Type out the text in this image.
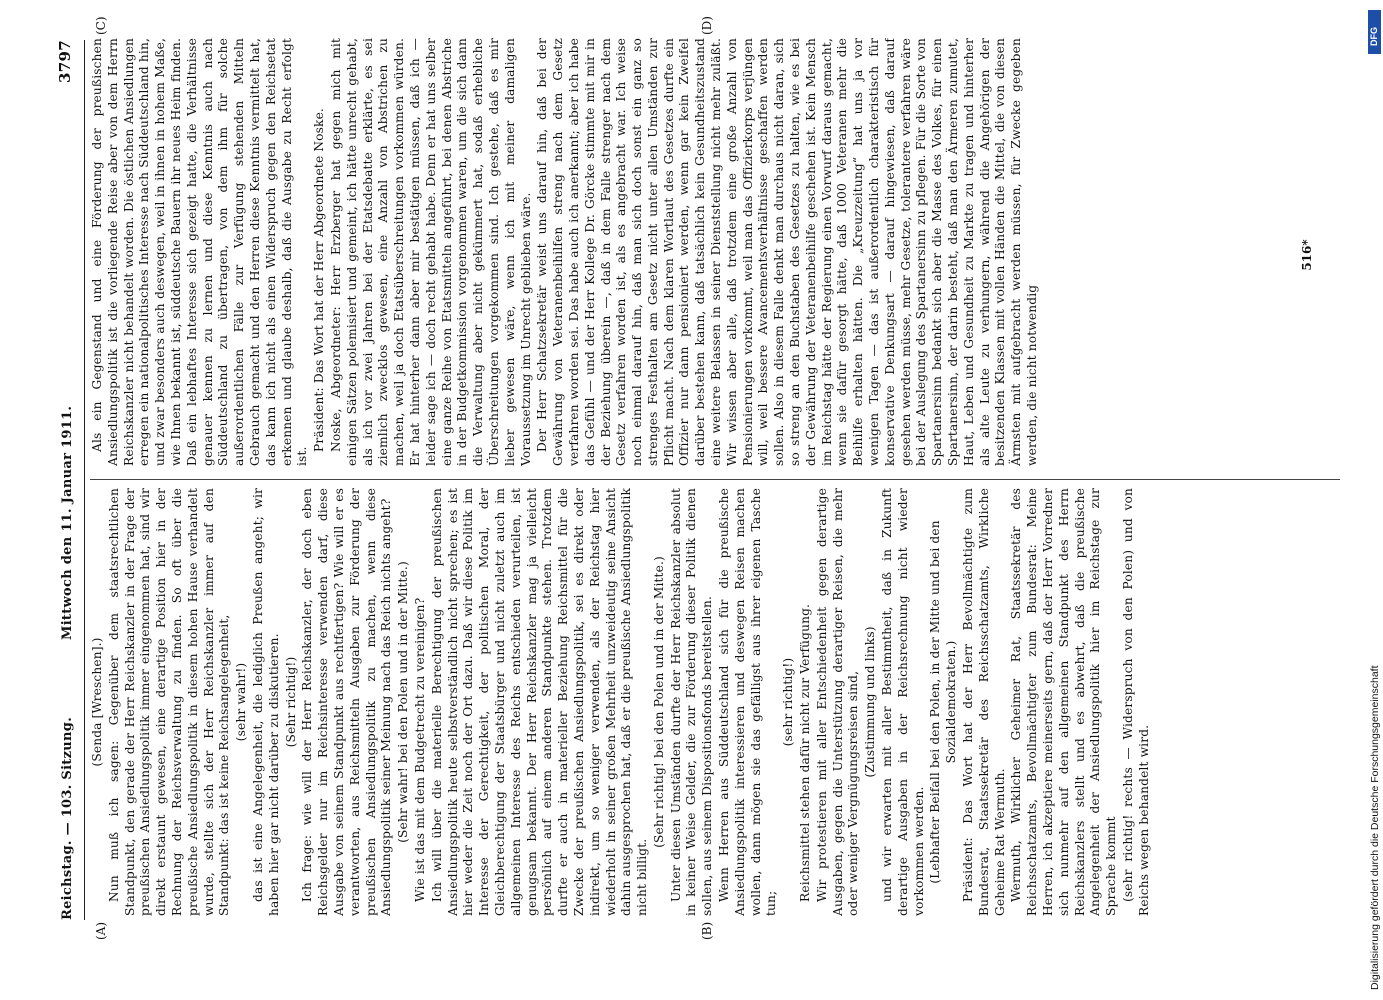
Reichstag. — 103. Sitzung.
Mittwoch den 11. Januar 1911.
3797
(A)	(B)
(C)	(D)

(Senda [Wreschen].) Nun muß ich sagen: Gegenüber dem staatsrechtlichen Standpunkt, den gerade der Herr Reichskanzler in der Frage der preußischen Ansiedlungspolitik immer eingenommen hat, sind wir direkt erstaunt gewesen, eine derartige Position hier in der Rechnung der Reichsverwaltung zu finden. So oft über die preußische Ansiedlungspolitik in diesem hohen Hause verhandelt wurde, stellte sich der Herr Reichskanzler immer auf den Standpunkt: das ist keine Reichsangelegenheit, (sehr wahr!) das ist eine Angelegenheit, die lediglich Preußen angeht; wir haben hier gar nicht darüber zu diskutieren. (Sehr richtig!) Ich frage: wie will der Herr Reichskanzler, der doch eben Reichsgelder nur im Reichsinteresse verwenden darf, diese Ausgabe von seinem Standpunkt aus rechtfertigen? Wie will er es verantworten, aus Reichsmitteln Ausgaben zur Förderung der preußischen Ansiedlungspolitik zu machen, wenn diese Ansiedlungspolitik seiner Meinung nach das Reich nichts angeht? (Sehr wahr! bei den Polen und in der Mitte.) Wie ist das mit dem Budgetrecht zu vereinigen? Ich will über die materielle Berechtigung der preußischen Ansiedlungspolitik heute selbstverständlich nicht sprechen; es ist hier weder die Zeit noch der Ort dazu. Daß wir diese Politik im Interesse der Gerechtigkeit, der politischen Moral, der Gleichberechtigung der Staatsbürger und nicht zuletzt auch im allgemeinen Interesse des Reichs entschieden verurteilen, ist genugsam bekannt. Der Herr Reichskanzler mag ja vielleicht persönlich auf einem anderen Standpunkte stehen. Trotzdem durfte er auch in materieller Beziehung Reichsmittel für die Zwecke der preußischen Ansiedlungspolitik, sei es direkt oder indirekt, um so weniger verwenden, als der Reichstag hier wiederholt in seiner großen Mehrheit unzweideutig seine Ansicht dahin ausgesprochen hat, daß er die preußische Ansiedlungspolitik nicht billigt.

(Sehr richtig! bei den Polen und in der Mitte.) Unter diesen Umständen durfte der Herr Reichskanzler absolut in keiner Weise Gelder, die zur Förderung dieser Politik dienen sollen, aus seinem Dispositionsfonds bereitstellen. Wenn Herren aus Süddeutschland sich für die preußische Ansiedlungspolitik interessieren und deswegen Reisen machen wollen, dann mögen sie das gefälligst aus ihrer eigenen Tasche tun;

(sehr richtig!) Reichsmittel stehen dafür nicht zur Verfügung. Wir protestieren mit aller Entschiedenheit gegen derartige Ausgaben, gegen die Unterstützung derartiger Reisen, die mehr oder weniger Vergnügungsreisen sind, (Zustimmung und links) und wir erwarten mit aller Bestimmtheit, daß in Zukunft derartige Ausgaben in der Reichsrechnung nicht wieder vorkommen werden. (Lebhafter Beifall bei den Polen, in der Mitte und bei den Sozialdemokraten.) Präsident: Das Wort hat der Herr Bevollmächtigte zum Bundesrat, Staatssekretär des Reichsschatzamts, Wirkliche Geheime Rat Wermuth. Wermuth, Wirklicher Geheimer Rat, Staatssekretär des Reichsschatzamts, Bevollmächtigter zum Bundesrat: Meine Herren, ich akzeptiere meinerseits gern, daß der Herr Vorredner sich nunmehr auf den allgemeinen Standpunkt des Herrn Reichskanzlers stellt und es abwehrt, daß die preußische Angelegenheit der Ansiedlungspolitik hier im Reichstage zur Sprache kommt (sehr richtig! rechts — Widerspruch von den Polen) und von Reichs wegen behandelt wird.

Als ein Gegenstand und eine Förderung der preußischen Ansiedlungspolitik ist die vorliegende Reise aber von dem Herrn Reichskanzler nicht behandelt worden. Die östlichen Ansiedlungen erregen ein nationalpolitisches Interesse nach Süddeutschland hin, und zwar besonders auch deswegen, weil in ihnen in hohem Maße, wie Ihnen bekannt ist, süddeutsche Bauern ihr neues Heim finden. Daß ein lebhaftes Interesse sich gezeigt hatte, die Verhältnisse genauer kennen zu lernen und diese Kenntnis auch nach Süddeutschland zu übertragen, von dem ihm für solche außerordentlichen Fälle zur Verfügung stehenden Mitteln Gebrauch gemacht und den Herren diese Kenntnis vermittelt hat, das kann ich nicht als einen Widerspruch gegen den Reichsetat erkennen und glaube deshalb, daß die Ausgabe zu Recht erfolgt ist.

Präsident: Das Wort hat der Herr Abgeordnete Noske. Noske, Abgeordneter: Herr Erzberger hat gegen mich mit einigen Sätzen polemisiert und gemeint, ich hätte unrecht gehabt, als ich vor zwei Jahren bei der Etatsdebatte erklärte, es sei ziemlich zwecklos gewesen, eine Anzahl von Abstrichen zu machen, weil ja doch Etatsüberschreitungen vorkommen würden. Er hat hinterher dann aber mir bestätigen müssen, daß ich — leider sage ich — doch recht gehabt habe. Denn er hat uns selber eine ganze Reihe von Etatsmitteln angeführt, bei denen Abstriche in der Budgetkommission vorgenommen waren, um die sich dann die Verwaltung aber nicht gekümmert hat, sodaß erhebliche Überschreitungen vorgekommen sind. Ich gestehe, daß es mir lieber gewesen wäre, wenn ich mit meiner damaligen Voraussetzung im Unrecht geblieben wäre. Der Herr Schatzsekretär weist uns darauf hin, daß bei der Gewährung von Veteranenbeihilfen streng nach dem Gesetz verfahren worden sei. Das habe auch ich anerkannt; aber ich habe das Gefühl — und der Herr Kollege Dr. Görcke stimmte mit mir in der Beziehung überein —, daß in dem Falle strenger nach dem Gesetz verfahren worden ist, als es angebracht war. Ich weise noch einmal darauf hin, daß man sich doch sonst ein ganz so strenges Festhalten am Gesetz nicht unter allen Umständen zur Pflicht macht. Nach dem klaren Wortlaut des Gesetzes durfte ein Offizier nur dann pensioniert werden, wenn gar kein Zweifel darüber bestehen kann, daß tatsächlich kein Gesundheitszustand eine weitere Belassen in seiner Dienststellung nicht mehr zuläßt. Wir wissen aber alle, daß trotzdem eine große Anzahl von Pensionierungen vorkommt, weil man das Offizierkorps verjüngen will, weil bessere Avancementsverhältnisse geschaffen werden sollen. Also in diesem Falle denkt man durchaus nicht daran, sich so streng an den Buchstaben des Gesetzes zu halten, wie es bei der Gewährung der Veteranenbeihilfe geschehen ist. Kein Mensch im Reichstag hätte der Regierung einen Vorwurf daraus gemacht, wenn sie dafür gesorgt hätte, daß 1000 Veteranen mehr die Beihilfe erhalten hätten. Die „Kreuzzeitung“ hat uns ja vor wenigen Tagen — das ist außerordentlich charakteristisch für konservative Denkungsart — darauf hingewiesen, daß darauf gesehen werden müsse, mehr Gesetze, tolerantere verfahren wäre bei der Auslegung des Spartanersinn zu pflegen. Für die Sorte von Spartanersinn bedankt sich aber die Masse des Volkes, für einen Spartanersinn, der darin besteht, daß man den Ärmeren zumutet, Haut, Leben und Gesundheit zu Markte zu tragen und hinterher als alte Leute zu verhungern, während die Angehörigen der besitzenden Klassen mit vollen Händen die Mittel, die von diesen Ärmsten mit aufgebracht werden müssen, für Zwecke gegeben werden, die nicht notwendig

516*
Digitalisierung gefördert durch die Deutsche Forschungsgemeinschaft
DFG
